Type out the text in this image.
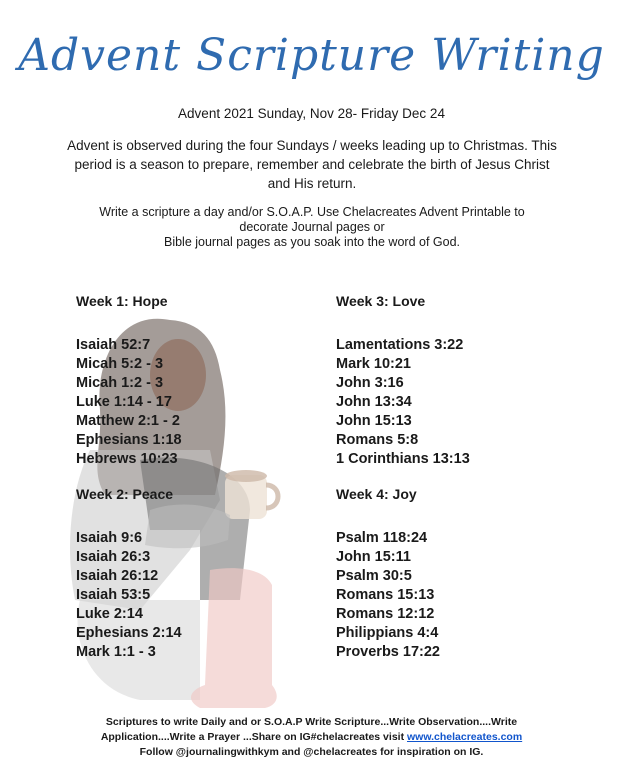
Advent Scripture Writing
Advent 2021 Sunday, Nov 28- Friday Dec 24
Advent is observed during the four Sundays / weeks leading up to Christmas. This
period is a season to prepare, remember and celebrate the birth of Jesus Christ
and His return.
Write a scripture a day and/or S.O.A.P. Use Chelacreates Advent Printable to
decorate Journal pages or
Bible journal pages as you soak into the word of God.
Week 1: Hope
Isaiah 52:7
Micah 5:2 - 3
Micah 1:2 - 3
Luke 1:14 - 17
Matthew 2:1 - 2
Ephesians 1:18
Hebrews 10:23
Week 2: Peace
Isaiah 9:6
Isaiah 26:3
Isaiah 26:12
Isaiah 53:5
Luke 2:14
Ephesians 2:14
Mark 1:1 - 3
Week 3: Love
Lamentations 3:22
Mark 10:21
John 3:16
John 13:34
John 15:13
Romans 5:8
1 Corinthians 13:13
Week 4: Joy
Psalm 118:24
John 15:11
Psalm 30:5
Romans 15:13
Romans 12:12
Philippians 4:4
Proverbs 17:22
Scriptures to write Daily and or S.O.A.P Write Scripture...Write Observation....Write
Application....Write a Prayer ...Share on IG#chelacreates visit www.chelacreates.com
Follow @journalingwithkym and @chelacreates for inspiration on IG.
